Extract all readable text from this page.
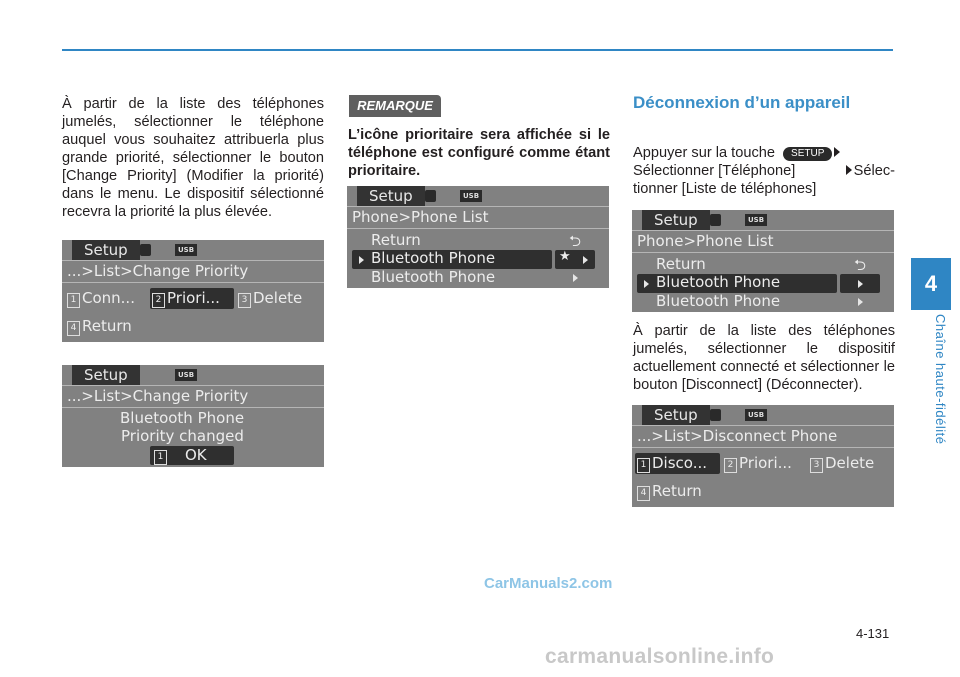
À partir de la liste des téléphones jumelés, sélectionner le téléphone auquel vous souhaitez attribuerla plus grande priorité, sélectionner le bouton [Change Priority] (Modifier la priorité) dans le menu. Le dispositif sélectionné recevra la priorité la plus élevée.
Setup	USB
...>List>Change Priority
1 Conn...	2 Priori...	3 Delete
4 Return
Setup	USB
...>List>Change Priority
Bluetooth Phone
Priority changed
1 OK
REMARQUE
L’icône prioritaire sera affichée si le téléphone est configuré comme étant prioritaire.
Setup	USB
Phone>Phone List
Return	⮌
Bluetooth Phone	★
Bluetooth Phone
Déconnexion d’un appareil
Appuyer sur la touche SETUP
Sélectionner [Téléphone]	Sélec-
tionner [Liste de téléphones]
Setup	USB
Phone>Phone List
Return	⮌
Bluetooth Phone
Bluetooth Phone
À partir de la liste des téléphones jumelés, sélectionner le dispositif actuellement connecté et sélectionner le bouton [Disconnect] (Déconnecter).
Setup	USB
...>List>Disconnect Phone
1 Disco...	2 Priori...	3 Delete
4 Return
4
Chaîne haute-fidélité
CarManuals2.com
4-131
carmanualsonline.info
